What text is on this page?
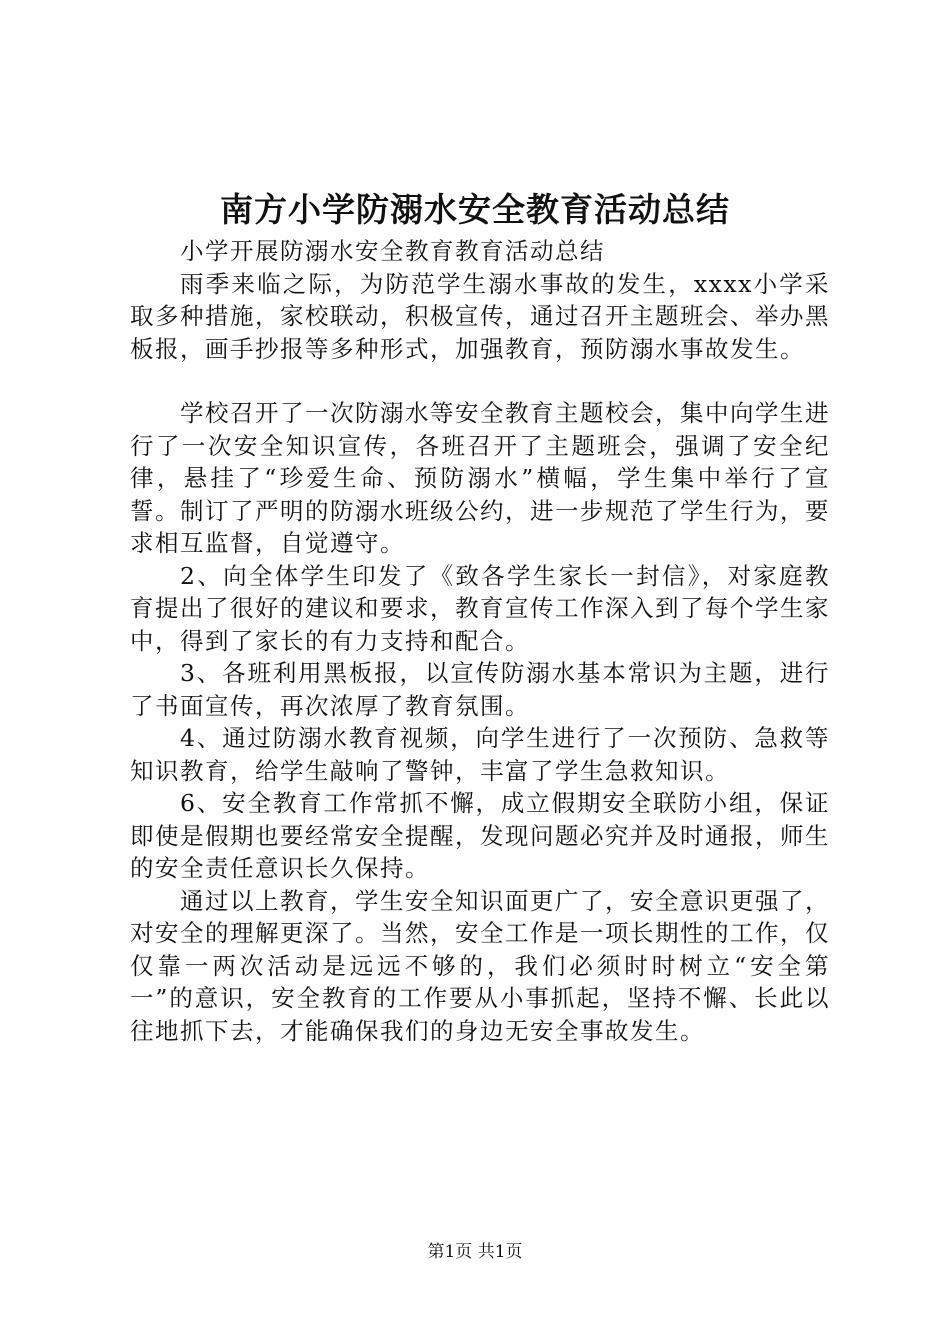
南方小学防溺水安全教育活动总结

小学开展防溺水安全教育教育活动总结

雨季来临之际，为防范学生溺水事故的发生，xxxx小学采取多种措施，家校联动，积极宣传，通过召开主题班会、举办黑板报，画手抄报等多种形式，加强教育，预防溺水事故发生。

学校召开了一次防溺水等安全教育主题校会，集中向学生进行了一次安全知识宣传，各班召开了主题班会，强调了安全纪律，悬挂了“珍爱生命、预防溺水”横幅，学生集中举行了宣誓。制订了严明的防溺水班级公约，进一步规范了学生行为，要求相互监督，自觉遵守。

2、向全体学生印发了《致各学生家长一封信》，对家庭教育提出了很好的建议和要求，教育宣传工作深入到了每个学生家中，得到了家长的有力支持和配合。

3、各班利用黑板报，以宣传防溺水基本常识为主题，进行了书面宣传，再次浓厚了教育氛围。

4、通过防溺水教育视频，向学生进行了一次预防、急救等知识教育，给学生敲响了警钟，丰富了学生急救知识。

6、安全教育工作常抓不懈，成立假期安全联防小组，保证即使是假期也要经常安全提醒，发现问题必究并及时通报，师生的安全责任意识长久保持。

通过以上教育，学生安全知识面更广了，安全意识更强了，对安全的理解更深了。当然，安全工作是一项长期性的工作，仅仅靠一两次活动是远远不够的，我们必须时时树立“安全第一”的意识，安全教育的工作要从小事抓起，坚持不懈、长此以往地抓下去，才能确保我们的身边无安全事故发生。

第1页 共1页
